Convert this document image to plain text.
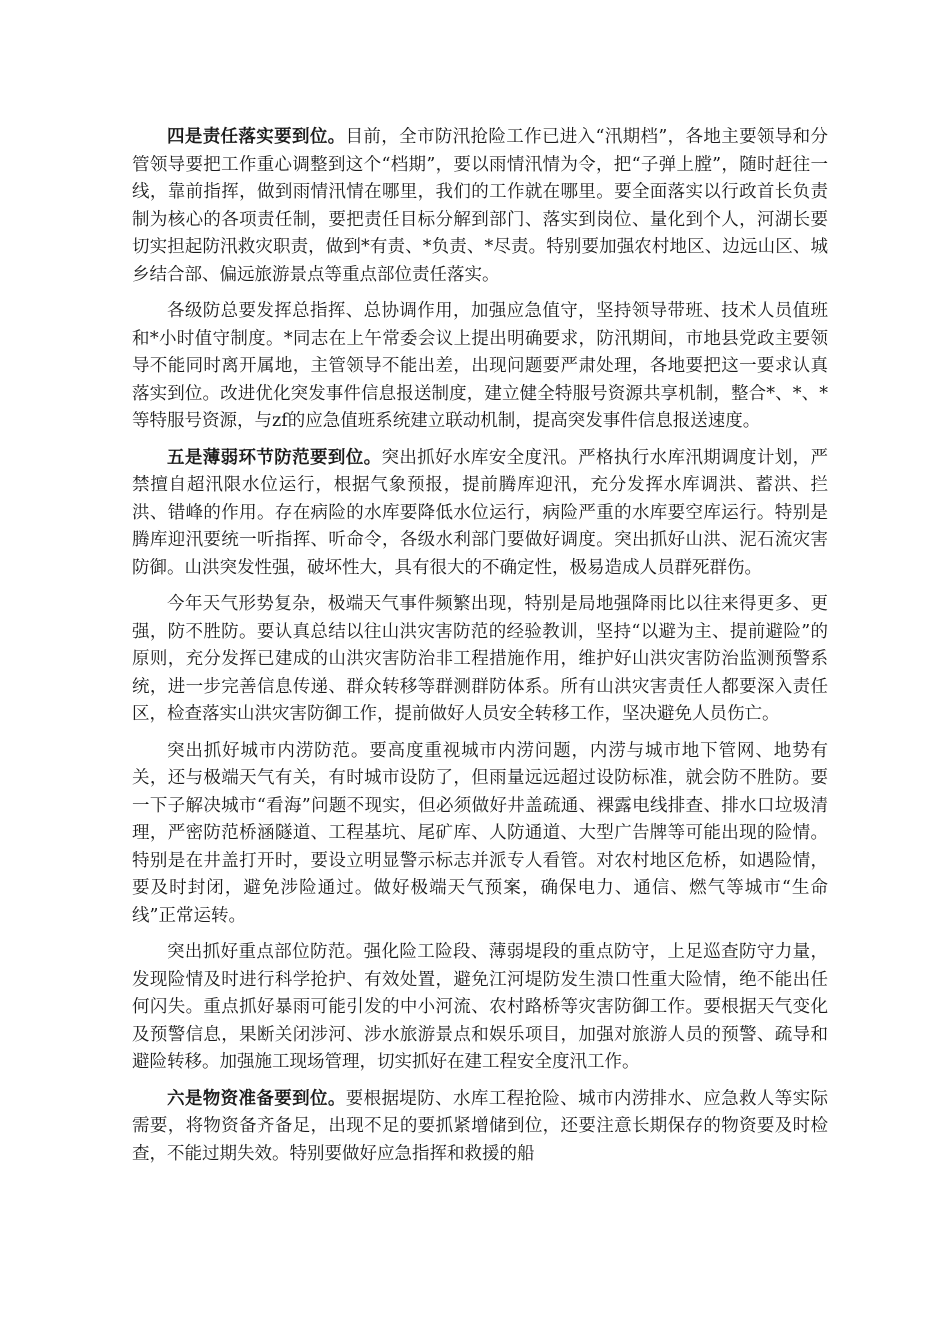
四是责任落实要到位。目前，全市防汛抢险工作已进入“汛期档”，各地主要领导和分管领导要把工作重心调整到这个“档期”，要以雨情汛情为令，把“子弹上膛”，随时赶往一线，靠前指挥，做到雨情汛情在哪里，我们的工作就在哪里。要全面落实以行政首长负责制为核心的各项责任制，要把责任目标分解到部门、落实到岗位、量化到个人，河湖长要切实担起防汛救灾职责，做到*有责、*负责、*尽责。特别要加强农村地区、边远山区、城乡结合部、偏远旅游景点等重点部位责任落实。

各级防总要发挥总指挥、总协调作用，加强应急值守，坚持领导带班、技术人员值班和*小时值守制度。*同志在上午常委会议上提出明确要求，防汛期间，市地县党政主要领导不能同时离开属地，主管领导不能出差，出现问题要严肃处理，各地要把这一要求认真落实到位。改进优化突发事件信息报送制度，建立健全特服号资源共享机制，整合*、*、*等特服号资源，与zf的应急值班系统建立联动机制，提高突发事件信息报送速度。

五是薄弱环节防范要到位。突出抓好水库安全度汛。严格执行水库汛期调度计划，严禁擅自超汛限水位运行，根据气象预报，提前腾库迎汛，充分发挥水库调洪、蓄洪、拦洪、错峰的作用。存在病险的水库要降低水位运行，病险严重的水库要空库运行。特别是腾库迎汛要统一听指挥、听命令，各级水利部门要做好调度。突出抓好山洪、泥石流灾害防御。山洪突发性强，破坏性大，具有很大的不确定性，极易造成人员群死群伤。

今年天气形势复杂，极端天气事件频繁出现，特别是局地强降雨比以往来得更多、更强，防不胜防。要认真总结以往山洪灾害防范的经验教训，坚持“以避为主、提前避险”的原则，充分发挥已建成的山洪灾害防治非工程措施作用，维护好山洪灾害防治监测预警系统，进一步完善信息传递、群众转移等群测群防体系。所有山洪灾害责任人都要深入责任区，检查落实山洪灾害防御工作，提前做好人员安全转移工作，坚决避免人员伤亡。

突出抓好城市内涝防范。要高度重视城市内涝问题，内涝与城市地下管网、地势有关，还与极端天气有关，有时城市设防了，但雨量远远超过设防标准，就会防不胜防。要一下子解决城市“看海”问题不现实，但必须做好井盖疏通、裸露电线排查、排水口垃圾清理，严密防范桥涵隧道、工程基坑、尾矿库、人防通道、大型广告牌等可能出现的险情。特别是在井盖打开时，要设立明显警示标志并派专人看管。对农村地区危桥，如遇险情，要及时封闭，避免涉险通过。做好极端天气预案，确保电力、通信、燃气等城市“生命线”正常运转。

突出抓好重点部位防范。强化险工险段、薄弱堤段的重点防守，上足巡查防守力量，发现险情及时进行科学抢护、有效处置，避免江河堤防发生溃口性重大险情，绝不能出任何闪失。重点抓好暴雨可能引发的中小河流、农村路桥等灾害防御工作。要根据天气变化及预警信息，果断关闭涉河、涉水旅游景点和娱乐项目，加强对旅游人员的预警、疏导和避险转移。加强施工现场管理，切实抓好在建工程安全度汛工作。

六是物资准备要到位。要根据堤防、水库工程抢险、城市内涝排水、应急救人等实际需要，将物资备齐备足，出现不足的要抓紧增储到位，还要注意长期保存的物资要及时检查，不能过期失效。特别要做好应急指挥和救援的船
